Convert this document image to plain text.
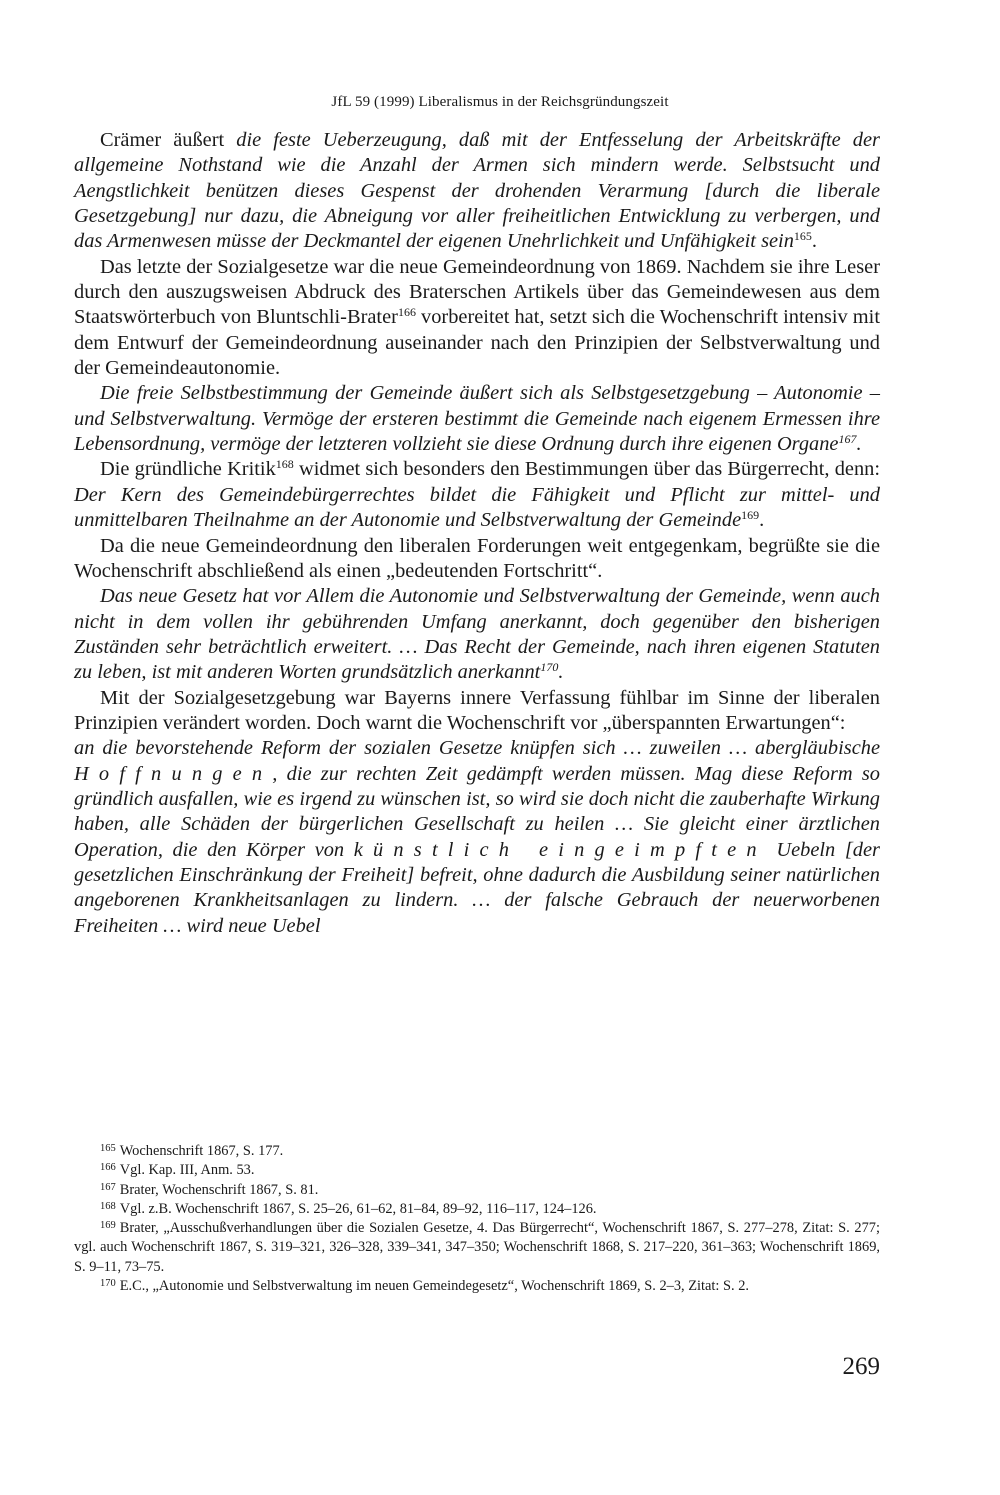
JfL 59 (1999) Liberalismus in der Reichsgründungszeit

Crämer äußert die feste Ueberzeugung, daß mit der Entfesselung der Arbeitskräfte der allgemeine Nothstand wie die Anzahl der Armen sich mindern werde. Selbstsucht und Aengstlichkeit benützen dieses Gespenst der drohenden Verarmung [durch die liberale Gesetzgebung] nur dazu, die Abneigung vor aller freiheitlichen Entwicklung zu verbergen, und das Armenwesen müsse der Deckmantel der eigenen Unehrlichkeit und Unfähigkeit sein$^{165}$.

Das letzte der Sozialgesetze war die neue Gemeindeordnung von 1869. Nachdem sie ihre Leser durch den auszugsweisen Abdruck des Braterschen Artikels über das Gemeindewesen aus dem Staatswörterbuch von Bluntschli-Brater$^{166}$ vorbereitet hat, setzt sich die Wochenschrift intensiv mit dem Entwurf der Gemeindeordnung auseinander nach den Prinzipien der Selbstverwaltung und der Gemeindeautonomie.

Die freie Selbstbestimmung der Gemeinde äußert sich als Selbstgesetzgebung – Autonomie – und Selbstverwaltung. Vermöge der ersteren bestimmt die Gemeinde nach eigenem Ermessen ihre Lebensordnung, vermöge der letzteren vollzieht sie diese Ordnung durch ihre eigenen Organe$^{167}$.

Die gründliche Kritik$^{168}$ widmet sich besonders den Bestimmungen über das Bürgerrecht, denn: Der Kern des Gemeindebürgerrechtes bildet die Fähigkeit und Pflicht zur mittel- und unmittelbaren Theilnahme an der Autonomie und Selbstverwaltung der Gemeinde$^{169}$.

Da die neue Gemeindeordnung den liberalen Forderungen weit entgegenkam, begrüßte sie die Wochenschrift abschließend als einen „bedeutenden Fortschritt“.

Das neue Gesetz hat vor Allem die Autonomie und Selbstverwaltung der Gemeinde, wenn auch nicht in dem vollen ihr gebührenden Umfang anerkannt, doch gegenüber den bisherigen Zuständen sehr beträchtlich erweitert. … Das Recht der Gemeinde, nach ihren eigenen Statuten zu leben, ist mit anderen Worten grundsätzlich anerkannt$^{170}$.

Mit der Sozialgesetzgebung war Bayerns innere Verfassung fühlbar im Sinne der liberalen Prinzipien verändert worden. Doch warnt die Wochenschrift vor „überspannten Erwartungen“:

an die bevorstehende Reform der sozialen Gesetze knüpfen sich … zuweilen … abergläubische Hoffnungen, die zur rechten Zeit gedämpft werden müssen. Mag diese Reform so gründlich ausfallen, wie es irgend zu wünschen ist, so wird sie doch nicht die zauberhafte Wirkung haben, alle Schäden der bürgerlichen Gesellschaft zu heilen … Sie gleicht einer ärztlichen Operation, die den Körper von künstlich eingeimpften Uebeln [der gesetzlichen Einschränkung der Freiheit] befreit, ohne dadurch die Ausbildung seiner natürlichen angeborenen Krankheitsanlagen zu lindern. … der falsche Gebrauch der neuerworbenen Freiheiten … wird neue Uebel

$^{165}$ Wochenschrift 1867, S. 177.

$^{166}$ Vgl. Kap. III, Anm. 53.

$^{167}$ Brater, Wochenschrift 1867, S. 81.

$^{168}$ Vgl. z.B. Wochenschrift 1867, S. 25–26, 61–62, 81–84, 89–92, 116–117, 124–126.

$^{169}$ Brater, „Ausschußverhandlungen über die Sozialen Gesetze, 4. Das Bürgerrecht“, Wochenschrift 1867, S. 277–278, Zitat: S. 277; vgl. auch Wochenschrift 1867, S. 319–321, 326–328, 339–341, 347–350; Wochenschrift 1868, S. 217–220, 361–363; Wochenschrift 1869, S. 9–11, 73–75.

$^{170}$ E.C., „Autonomie und Selbstverwaltung im neuen Gemeindegesetz“, Wochenschrift 1869, S. 2–3, Zitat: S. 2.

269
